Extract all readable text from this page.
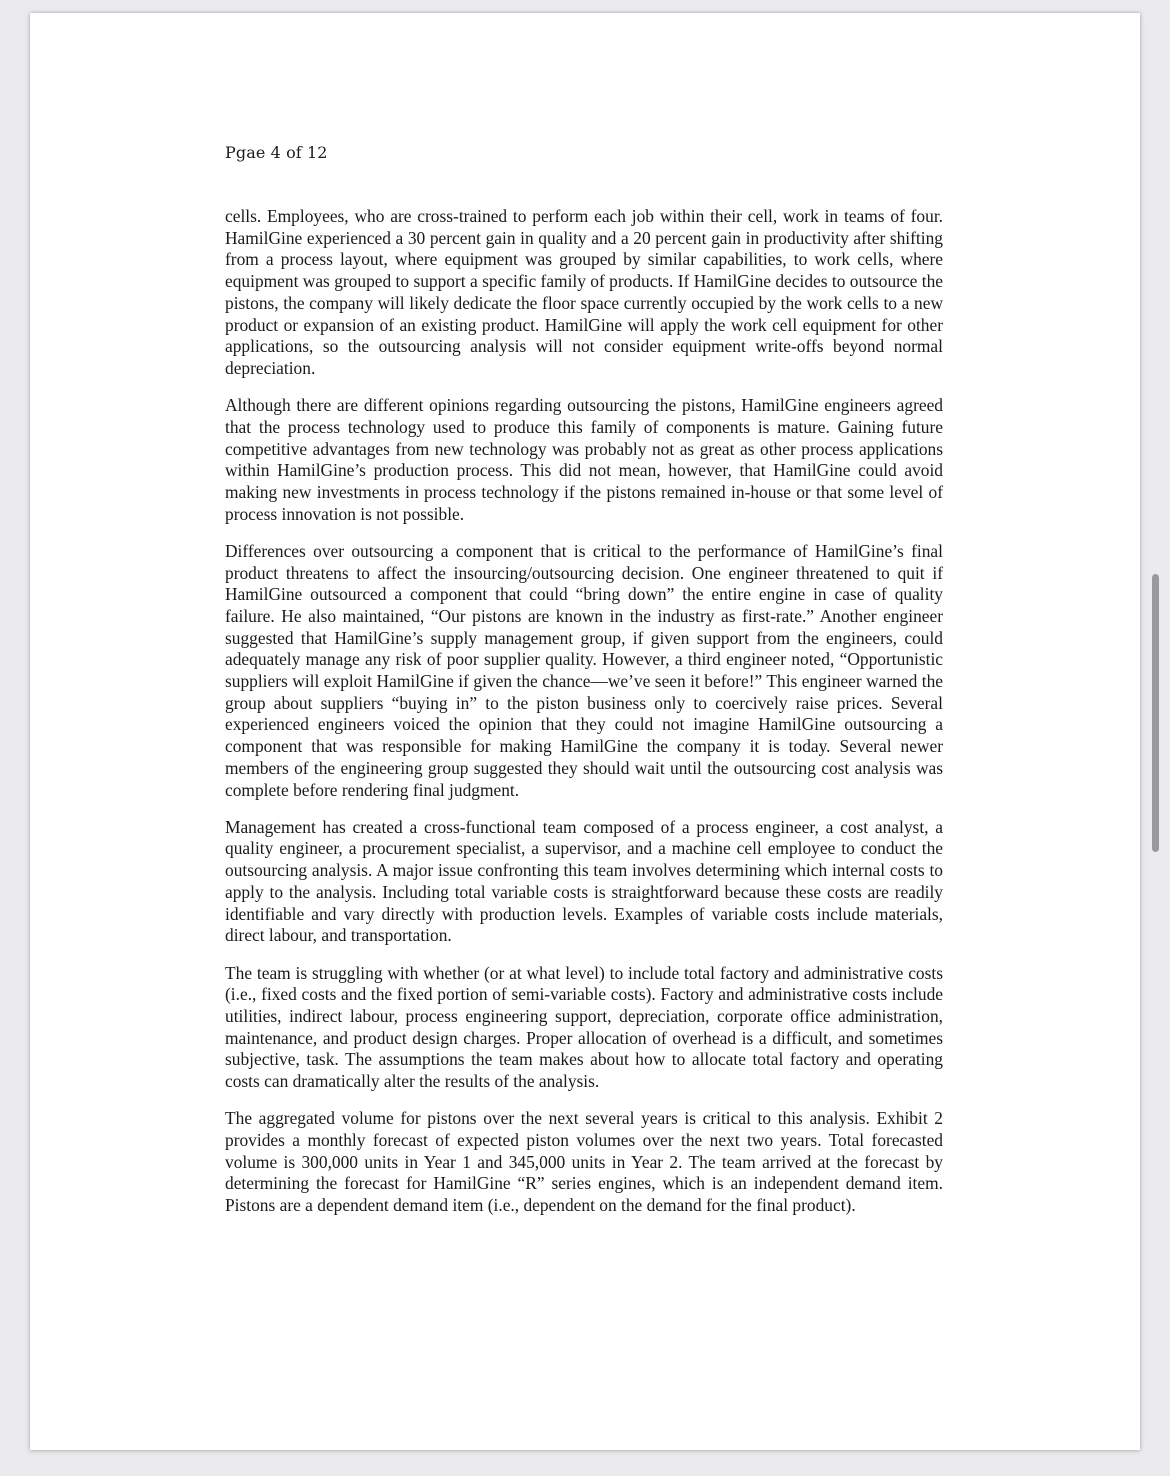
Pgae 4 of 12

cells. Employees, who are cross-trained to perform each job within their cell, work in teams of four. HamilGine experienced a 30 percent gain in quality and a 20 percent gain in productivity after shifting from a process layout, where equipment was grouped by similar capabilities, to work cells, where equipment was grouped to support a specific family of products. If HamilGine decides to outsource the pistons, the company will likely dedicate the floor space currently occupied by the work cells to a new product or expansion of an existing product. HamilGine will apply the work cell equipment for other applications, so the outsourcing analysis will not consider equipment write-offs beyond normal depreciation.

Although there are different opinions regarding outsourcing the pistons, HamilGine engineers agreed that the process technology used to produce this family of components is mature. Gaining future competitive advantages from new technology was probably not as great as other process applications within HamilGine’s production process. This did not mean, however, that HamilGine could avoid making new investments in process technology if the pistons remained in-house or that some level of process innovation is not possible.

Differences over outsourcing a component that is critical to the performance of HamilGine’s final product threatens to affect the insourcing/outsourcing decision. One engineer threatened to quit if HamilGine outsourced a component that could “bring down” the entire engine in case of quality failure. He also maintained, “Our pistons are known in the industry as first-rate.” Another engineer suggested that HamilGine’s supply management group, if given support from the engineers, could adequately manage any risk of poor supplier quality. However, a third engineer noted, “Opportunistic suppliers will exploit HamilGine if given the chance—we’ve seen it before!” This engineer warned the group about suppliers “buying in” to the piston business only to coercively raise prices. Several experienced engineers voiced the opinion that they could not imagine HamilGine outsourcing a component that was responsible for making HamilGine the company it is today. Several newer members of the engineering group suggested they should wait until the outsourcing cost analysis was complete before rendering final judgment.

Management has created a cross-functional team composed of a process engineer, a cost analyst, a quality engineer, a procurement specialist, a supervisor, and a machine cell employee to conduct the outsourcing analysis. A major issue confronting this team involves determining which internal costs to apply to the analysis. Including total variable costs is straightforward because these costs are readily identifiable and vary directly with production levels. Examples of variable costs include materials, direct labour, and transportation.

The team is struggling with whether (or at what level) to include total factory and administrative costs (i.e., fixed costs and the fixed portion of semi-variable costs). Factory and administrative costs include utilities, indirect labour, process engineering support, depreciation, corporate office administration, maintenance, and product design charges. Proper allocation of overhead is a difficult, and sometimes subjective, task. The assumptions the team makes about how to allocate total factory and operating costs can dramatically alter the results of the analysis.

The aggregated volume for pistons over the next several years is critical to this analysis. Exhibit 2 provides a monthly forecast of expected piston volumes over the next two years. Total forecasted volume is 300,000 units in Year 1 and 345,000 units in Year 2. The team arrived at the forecast by determining the forecast for HamilGine “R” series engines, which is an independent demand item. Pistons are a dependent demand item (i.e., dependent on the demand for the final product).
